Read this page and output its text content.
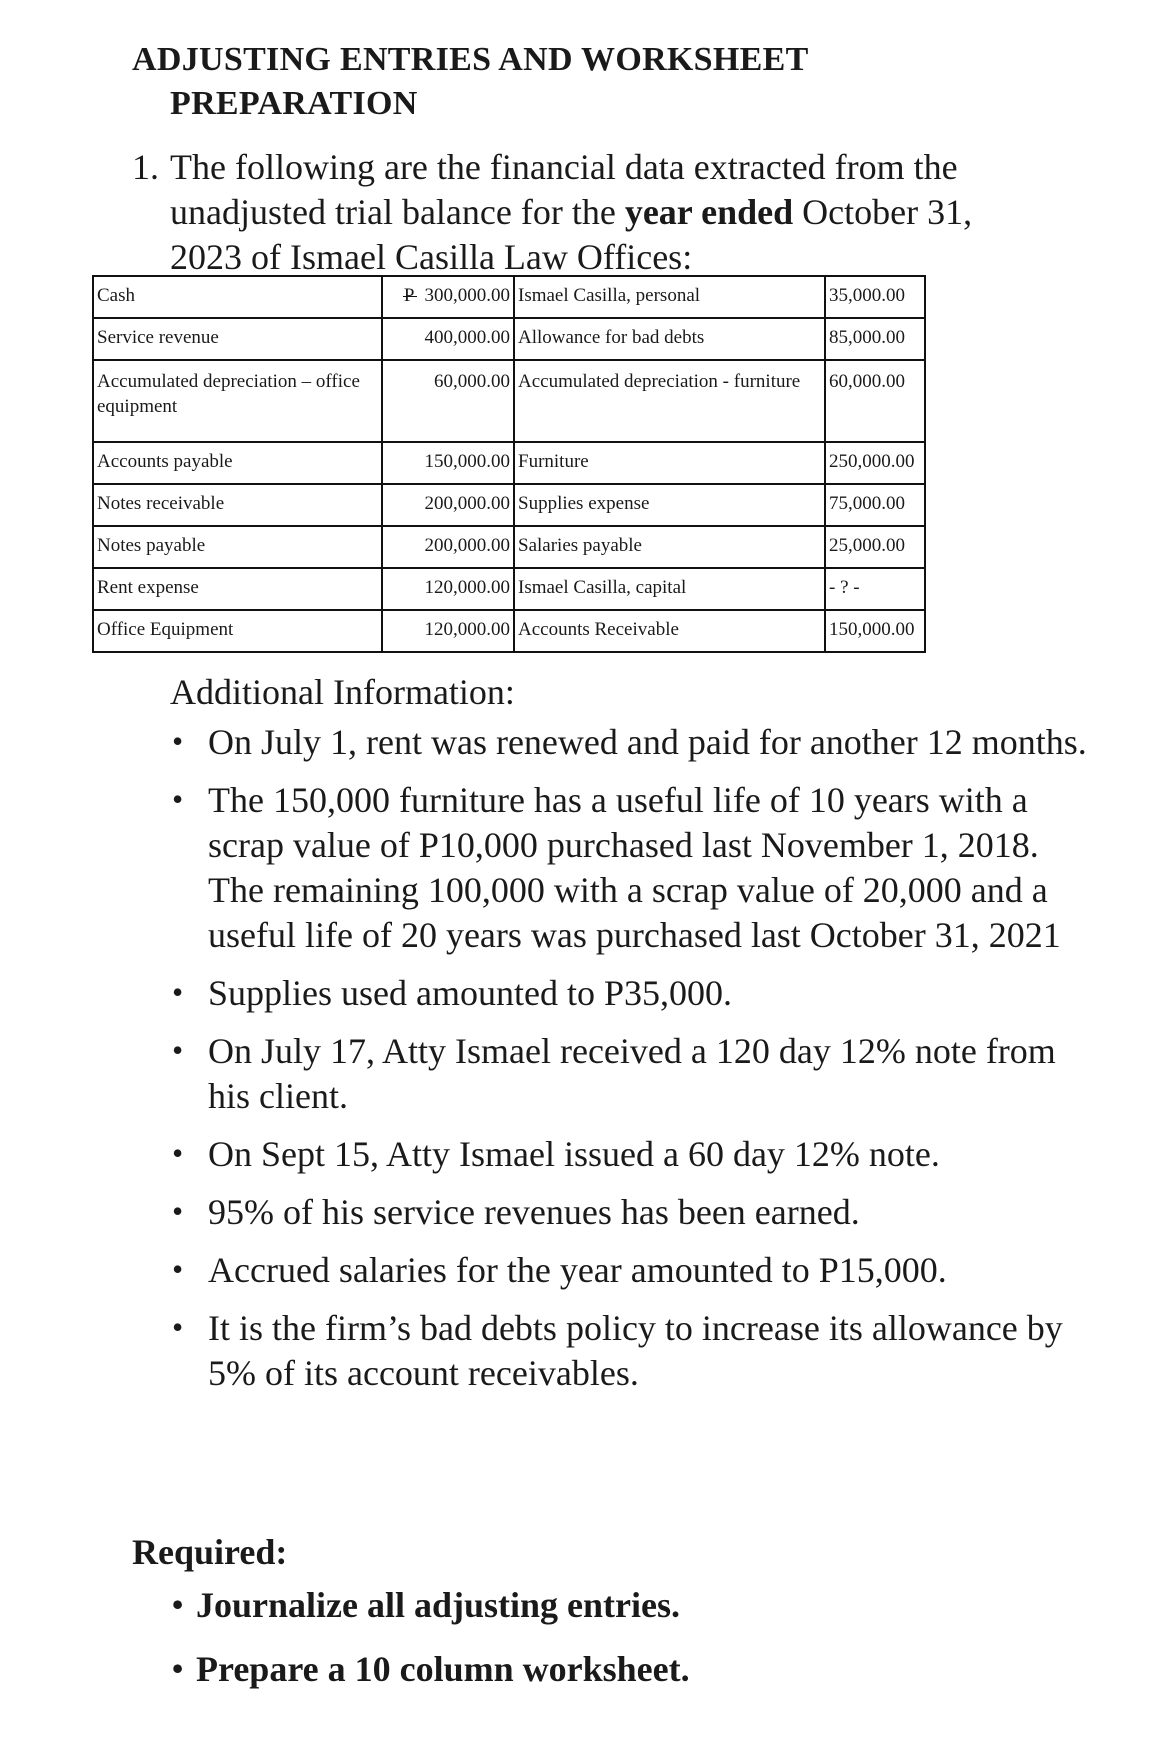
ADJUSTING ENTRIES AND WORKSHEET
PREPARATION
1. The following are the financial data extracted from the unadjusted trial balance for the year ended October 31, 2023 of Ismael Casilla Law Offices:
Cash	P 300,000.00	Ismael Casilla, personal	35,000.00
Service revenue	400,000.00	Allowance for bad debts	85,000.00
Accumulated depreciation – office equipment	60,000.00	Accumulated depreciation - furniture	60,000.00
Accounts payable	150,000.00	Furniture	250,000.00
Notes receivable	200,000.00	Supplies expense	75,000.00
Notes payable	200,000.00	Salaries payable	25,000.00
Rent expense	120,000.00	Ismael Casilla, capital	- ? -
Office Equipment	120,000.00	Accounts Receivable	150,000.00
Additional Information:
• On July 1, rent was renewed and paid for another 12 months.
• The 150,000 furniture has a useful life of 10 years with a scrap value of P10,000 purchased last November 1, 2018. The remaining 100,000 with a scrap value of 20,000 and a useful life of 20 years was purchased last October 31, 2021
• Supplies used amounted to P35,000.
• On July 17, Atty Ismael received a 120 day 12% note from his client.
• On Sept 15, Atty Ismael issued a 60 day 12% note.
• 95% of his service revenues has been earned.
• Accrued salaries for the year amounted to P15,000.
• It is the firm’s bad debts policy to increase its allowance by 5% of its account receivables.
Required:
• Journalize all adjusting entries.
• Prepare a 10 column worksheet.
